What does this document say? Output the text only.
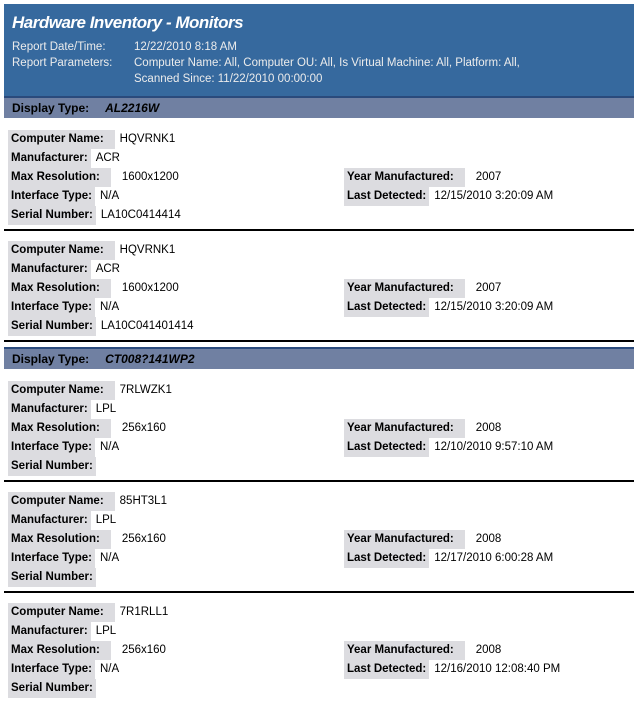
Hardware Inventory - Monitors
Report Date/Time:	12/22/2010 8:18 AM
Report Parameters:	Computer Name: All, Computer OU: All, Is Virtual Machine: All, Platform: All,
Scanned Since: 11/22/2010 00:00:00
Display Type: AL2216W
Computer Name: HQVRNK1
Manufacturer: ACR
Max Resolution: 1600x1200
Interface Type: N/A
Serial Number: LA10C0414414
Year Manufactured: 2007
Last Detected: 12/15/2010 3:20:09 AM
Computer Name: HQVRNK1
Manufacturer: ACR
Max Resolution: 1600x1200
Interface Type: N/A
Serial Number: LA10C041401414
Year Manufactured: 2007
Last Detected: 12/15/2010 3:20:09 AM
Display Type: CT008?141WP2
Computer Name: 7RLWZK1
Manufacturer: LPL
Max Resolution: 256x160
Interface Type: N/A
Serial Number:
Year Manufactured: 2008
Last Detected: 12/10/2010 9:57:10 AM
Computer Name: 85HT3L1
Manufacturer: LPL
Max Resolution: 256x160
Interface Type: N/A
Serial Number:
Year Manufactured: 2008
Last Detected: 12/17/2010 6:00:28 AM
Computer Name: 7R1RLL1
Manufacturer: LPL
Max Resolution: 256x160
Interface Type: N/A
Serial Number:
Year Manufactured: 2008
Last Detected: 12/16/2010 12:08:40 PM
